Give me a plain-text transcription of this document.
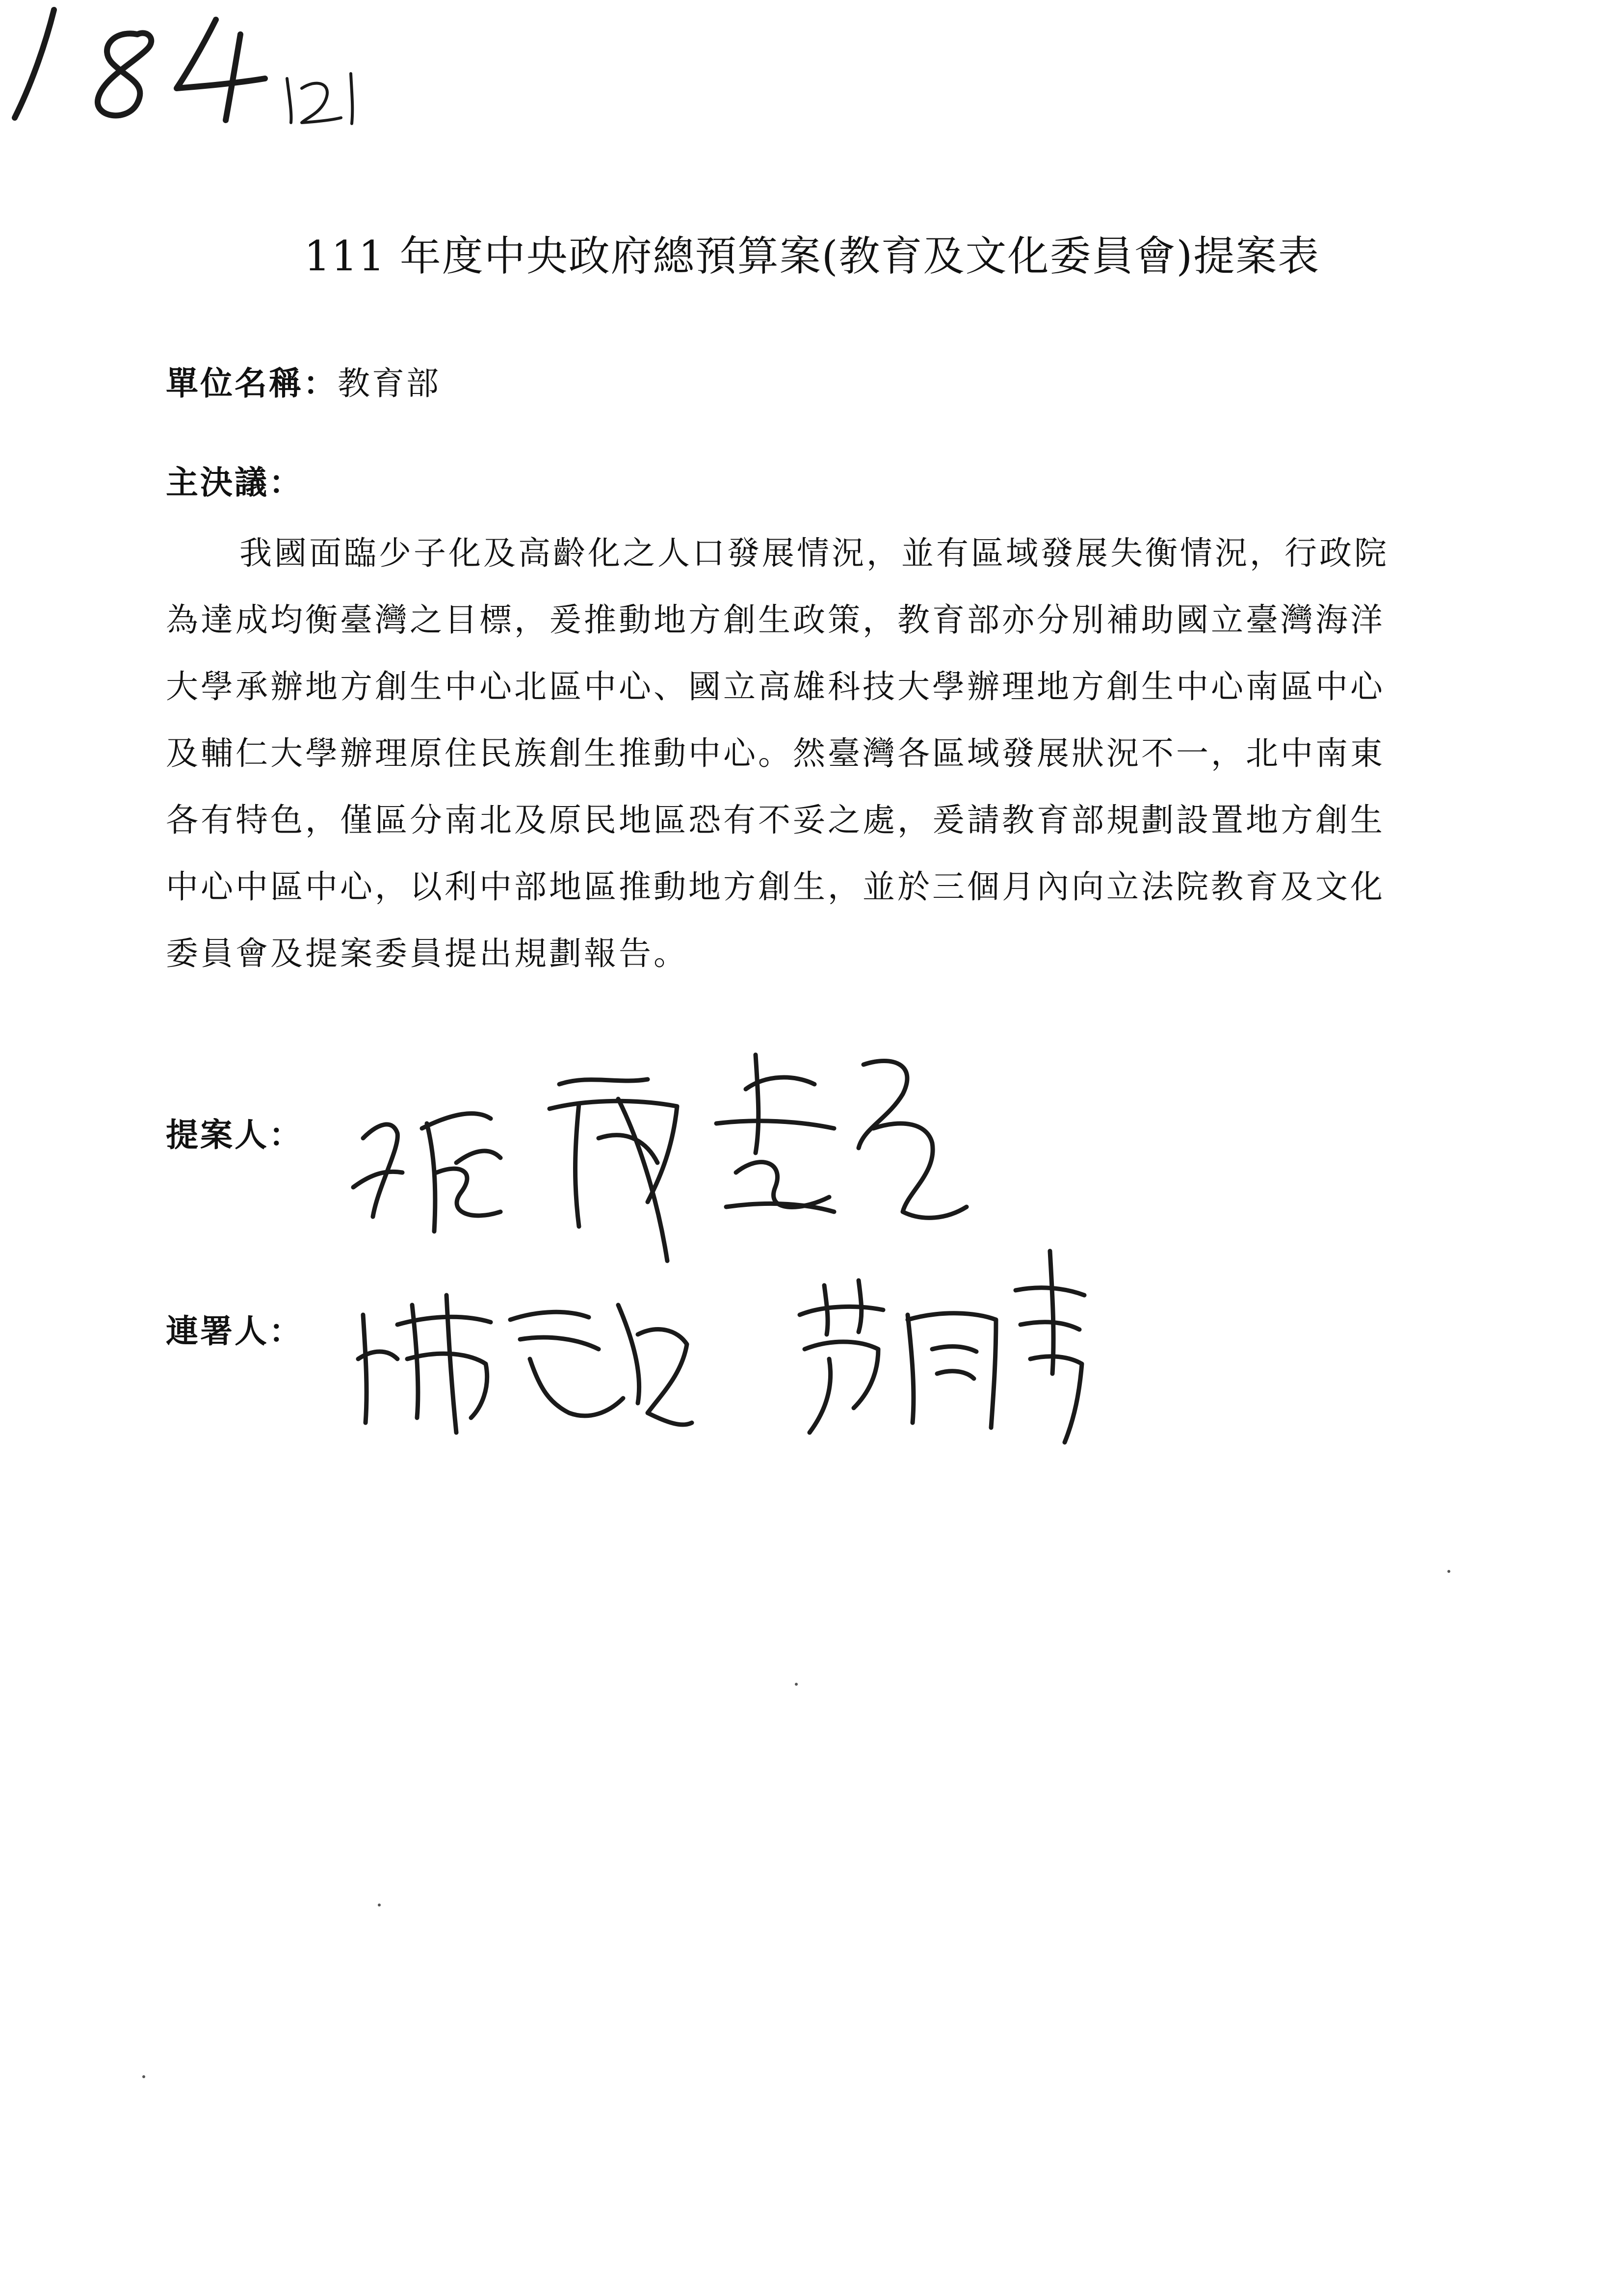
111 年度中央政府總預算案(教育及文化委員會)提案表
單位名稱：教育部
主決議：
我國面臨少子化及高齡化之人口發展情況，並有區域發展失衡情況，行政院
為達成均衡臺灣之目標，爰推動地方創生政策，教育部亦分別補助國立臺灣海洋
大學承辦地方創生中心北區中心、國立高雄科技大學辦理地方創生中心南區中心
及輔仁大學辦理原住民族創生推動中心。然臺灣各區域發展狀況不一，北中南東
各有特色，僅區分南北及原民地區恐有不妥之處，爰請教育部規劃設置地方創生
中心中區中心，以利中部地區推動地方創生，並於三個月內向立法院教育及文化
委員會及提案委員提出規劃報告。
提案人：
連署人：
